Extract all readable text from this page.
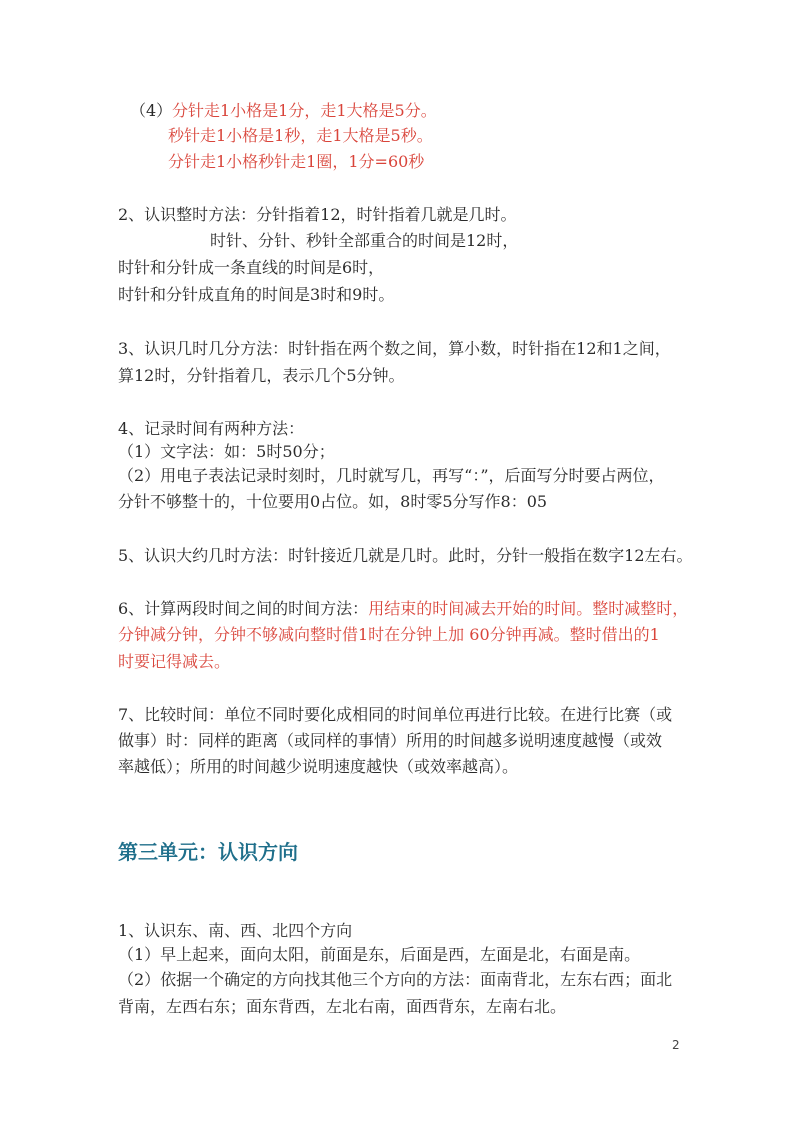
（4） 分针走1小格是1分，走1大格是5分。
秒针走1小格是1秒，走1大格是5秒。
分针走1小格秒针走1圈，1分=60秒
2、认识整时方法：分针指着12，时针指着几就是几时。
时针、分针、秒针全部重合的时间是12时，
时针和分针成一条直线的时间是6时，
时针和分针成直角的时间是3时和9时。
3、认识几时几分方法：时针指在两个数之间，算小数，时针指在12和1之间，
算12时，分针指着几，表示几个5分钟。
4、记录时间有两种方法：
（1）文字法：如：5时50分；
（2）用电子表法记录时刻时，几时就写几，再写“：”，后面写分时要占两位，
分针不够整十的，十位要用0占位。如，8时零5分写作8：05
5、认识大约几时方法：时针接近几就是几时。此时，分针一般指在数字12左右。
6、计算两段时间之间的时间方法：用结束的时间减去开始的时间。整时减整时，
分钟减分钟，分钟不够减向整时借1时在分钟上加 60分钟再减。整时借出的1
时要记得减去。
7、比较时间：单位不同时要化成相同的时间单位再进行比较。在进行比赛（或
做事）时：同样的距离（或同样的事情）所用的时间越多说明速度越慢（或效
率越低）；所用的时间越少说明速度越快（或效率越高）。
第三单元：认识方向
1、认识东、南、西、北四个方向
（1）早上起来，面向太阳，前面是东，后面是西，左面是北，右面是南。
（2）依据一个确定的方向找其他三个方向的方法：面南背北，左东右西；面北
背南，左西右东；面东背西，左北右南，面西背东，左南右北。
2
